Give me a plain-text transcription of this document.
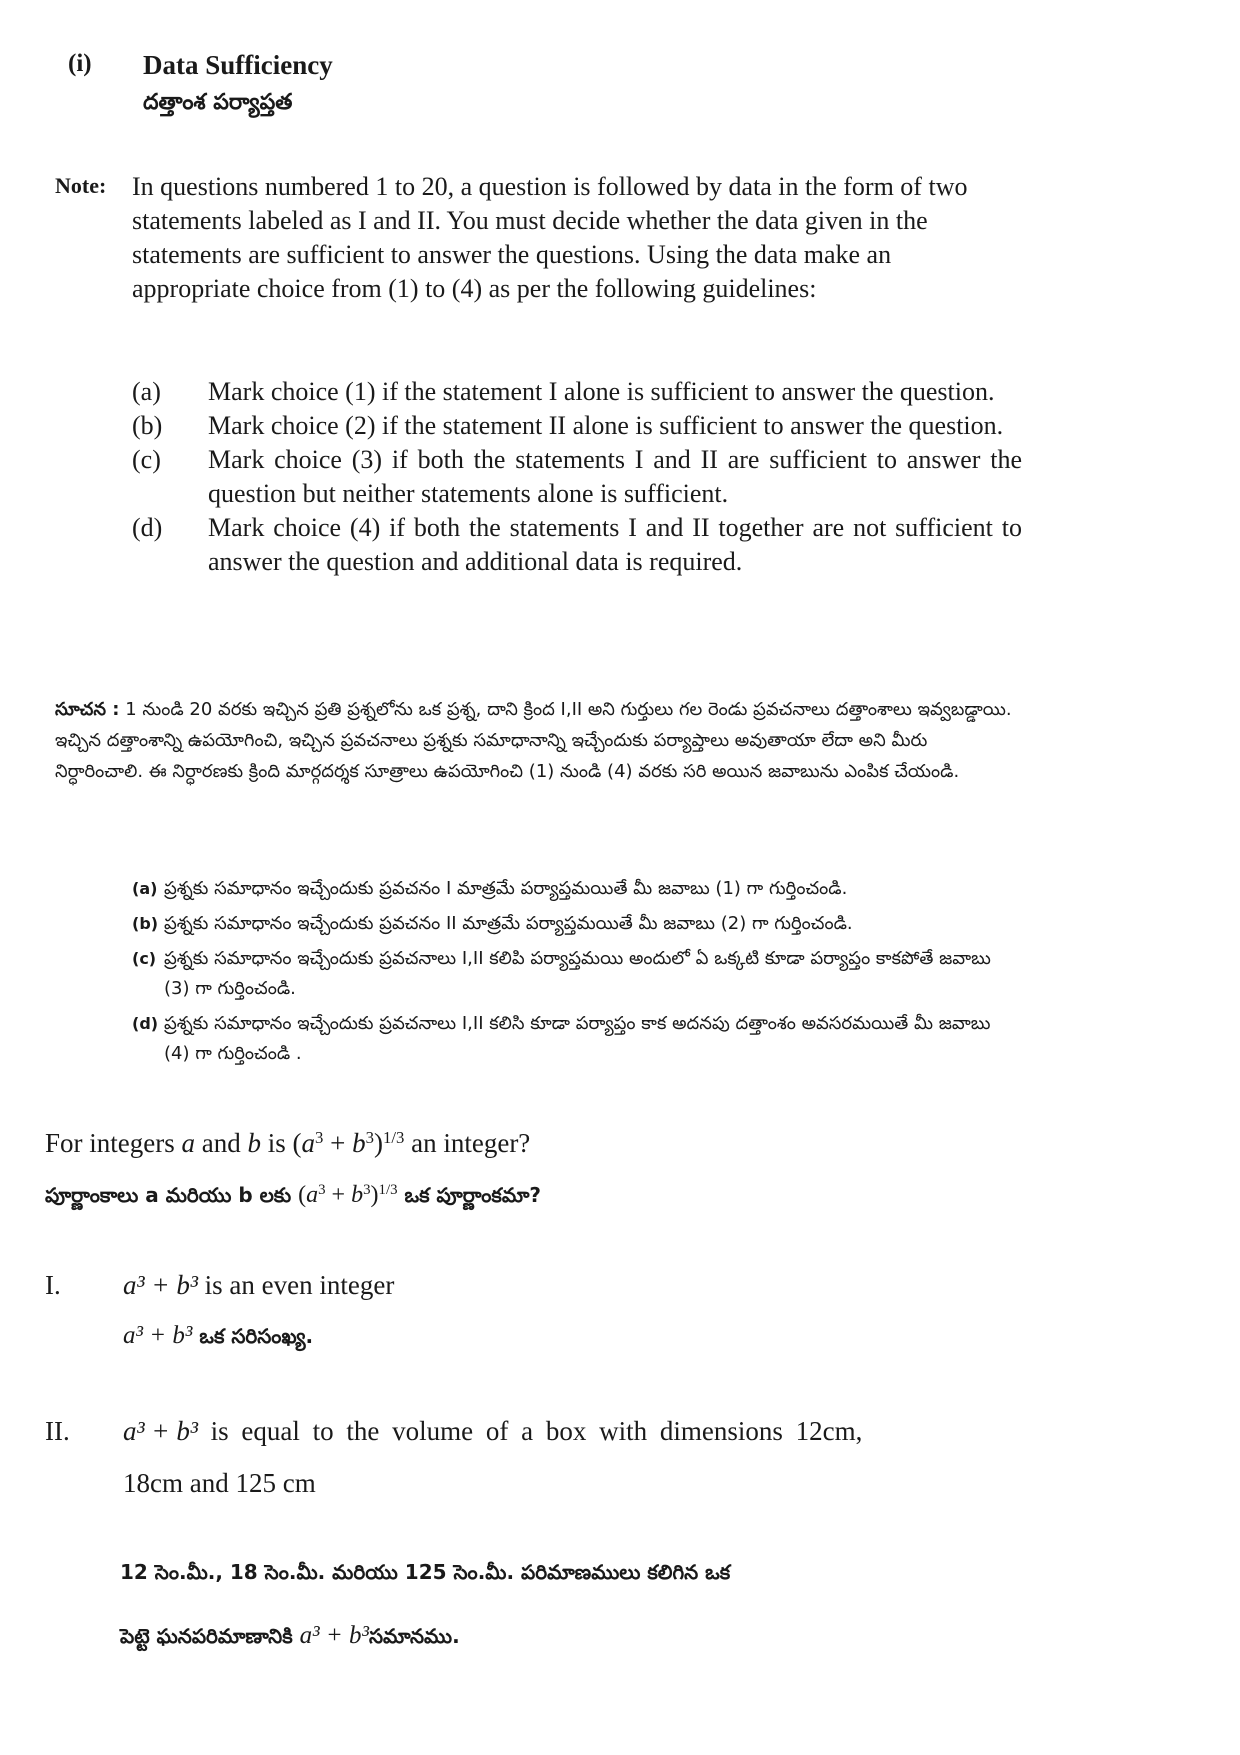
(i) Data Sufficiency
దత్తాంశ పర్యాప్తత
Note: In questions numbered 1 to 20, a question is followed by data in the form of two statements labeled as I and II. You must decide whether the data given in the statements are sufficient to answer the questions. Using the data make an appropriate choice from (1) to (4) as per the following guidelines:
(a) Mark choice (1) if the statement I alone is sufficient to answer the question.
(b) Mark choice (2) if the statement II alone is sufficient to answer the question.
(c) Mark choice (3) if both the statements I and II are sufficient to answer the question but neither statements alone is sufficient.
(d) Mark choice (4) if both the statements I and II together are not sufficient to answer the question and additional data is required.
సూచన : 1 నుండి 20 వరకు ఇచ్చిన ప్రతి ప్రశ్నలోను ఒక ప్రశ్న, దాని క్రింద I,II అని గుర్తులు గల రెండు ప్రవచనాలు దత్తాంశాలు ఇవ్వబడ్డాయి. ఇచ్చిన దత్తాంశాన్ని ఉపయోగించి, ఇచ్చిన ప్రవచనాలు ప్రశ్నకు సమాధానాన్ని ఇచ్చేందుకు పర్యాప్తాలు అవుతాయా లేదా అని మీరు నిర్ధారించాలి. ఈ నిర్ధారణకు క్రింది మార్గదర్శక సూత్రాలు ఉపయోగించి (1) నుండి (4) వరకు సరి అయిన జవాబును ఎంపిక చేయండి.
(a) ప్రశ్నకు సమాధానం ఇచ్చేందుకు ప్రవచనం I మాత్రమే పర్యాప్తమయితే మీ జవాబు (1) గా గుర్తించండి.
(b) ప్రశ్నకు సమాధానం ఇచ్చేందుకు ప్రవచనం II మాత్రమే పర్యాప్తమయితే మీ జవాబు (2) గా గుర్తించండి.
(c) ప్రశ్నకు సమాధానం ఇచ్చేందుకు ప్రవచనాలు I,II కలిపి పర్యాప్తమయి అందులో ఏ ఒక్కటి కూడా పర్యాప్తం కాకపోతే జవాబు (3) గా గుర్తించండి.
(d) ప్రశ్నకు సమాధానం ఇచ్చేందుకు ప్రవచనాలు I,II కలిసి కూడా పర్యాప్తం కాక అదనపు దత్తాంశం అవసరమయితే మీ జవాబు (4) గా గుర్తించండి .
For integers a and b is $(a^3 + b^3)^{1/3}$ an integer?
పూర్ణాంకాలు a మరియు b లకు $(a^3 + b^3)^{1/3}$ ఒక పూర్ణాంకమా?
I. a³ + b³ is an even integer
a³ + b³ ఒక సరిసంఖ్య.
II. a³ + b³ is equal to the volume of a box with dimensions 12cm,
18cm and 125 cm
12 సెం.మీ., 18 సెం.మీ. మరియు 125 సెం.మీ. పరిమాణములు కలిగిన ఒక
పెట్టె ఘనపరిమాణానికి a³ + b³సమానము.
